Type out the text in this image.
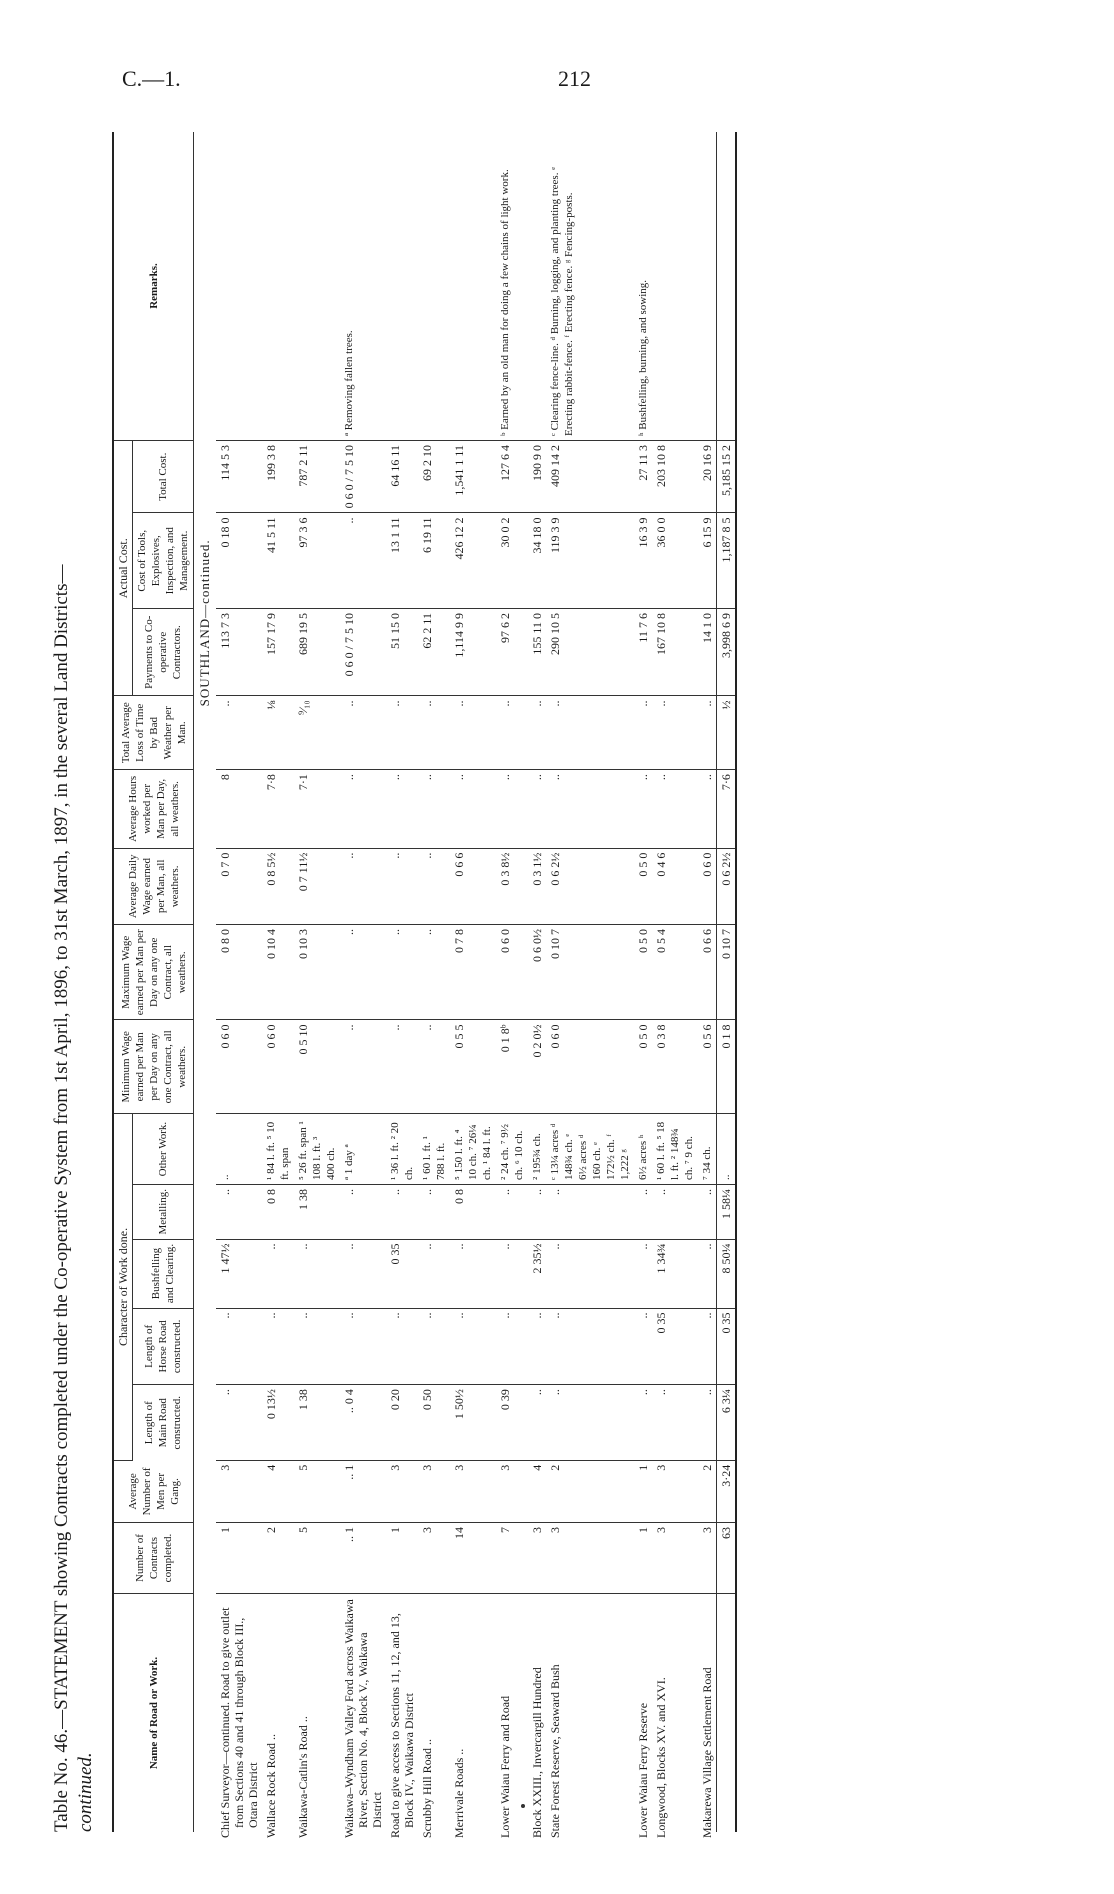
C.—1.	212
Table No. 46.—STATEMENT showing Contracts completed under the Co-operative System from 1st April, 1896, to 31st March, 1897, in the several Land Districts— continued.
Name of Road or Work.	Number of Contracts completed.	Average Number of Men per Gang.	Character of Work done.					Minimum Wage earned per Man per Day on any one Contract, all weathers.	Maximum Wage earned per Man per Day on any one Contract, all weathers.	Average Daily Wage earned per Man, all weathers.	Average Hours worked per Man per Day, all weathers.	Total Average Loss of Time by Bad Weather per Man.	Actual Cost.			Remarks.
			Length of Main Road constructed.	Length of Horse Road constructed.	Bushfelling and Clearing.	Metalling.	Other Work.						Payments to Co-operative Contractors.	Cost of Tools, Explosives, Inspection, and Management.	Total Cost.	
								SOUTHLAND—continued.								
Chief Surveyor—continued. Road to give outlet from Sections 40 and 41 through Block III., Otara District	1	3	..	..	1 47½	..	..	0 6 0	0 8 0	0 7 0	8	..	113 7 3	0 18 0	114 5 3	
Wallace Rock Road ..	2	4	0 13½	..	..	0 8	¹ 84 l. ft. ⁵ 10 ft. span	0 6 0	0 10 4	0 8 5½	7·8	⅛	157 17 9	41 5 11	199 3 8	
Waikawa-Catlin's Road ..	5	5	1 38	..	..	1 38	⁵ 26 ft. span ¹ 108 l. ft. ³ 400 ch.	0 5 10	0 10 3	0 7 11½	7·1	⁹⁄₁₀	689 19 5	97 3 6	787 2 11	
Waikawa–Wyndham Valley Ford across Waikawa River, Section No. 4, Block V., Waikawa District	.. 1	.. 1	.. 0 4	..	..	..	ª 1 day ª	..	..	..	..	..	0 6 0 / 7 5 10	..	0 6 0 / 7 5 10	ª Removing fallen trees.
Road to give access to Sections 11, 12, and 13, Block IV., Waikawa District	1	3	0 20	..	0 35	..	¹ 36 l. ft. ² 20 ch.	..	..	..	..	..	51 15 0	13 1 11	64 16 11	
Scrubby Hill Road ..	3	3	0 50	..	..	..	¹ 60 l. ft. ¹ 788 l. ft.	..	..	..	..	..	62 2 11	6 19 11	69 2 10	
Merrivale Roads ..	14	3	1 50½	..	..	0 8	⁵ 150 l. ft. ⁴ 10 ch. ⁷ 26¼ ch. ¹ 84 l. ft.	0 5 5	0 7 8	0 6 6	..	..	1,114 9 9	426 12 2	1,541 1 11	
Lower Waiau Ferry and Road	7	3	0 39	..	..	..	² 24 ch. ⁷ 9½ ch. ⁶ 10 ch.	0 1 8ᵇ	0 6 0	0 3 8½	..	..	97 6 2	30 0 2	127 6 4	ᵇ Earned by an old man for doing a few chains of light work.
Block XXIII., Invercargill Hundred	3	4	..	..	2 35½	..	² 195¾ ch.	0 2 0½	0 6 0½	0 3 1½	..	..	155 11 0	34 18 0	190 9 0	
State Forest Reserve, Seaward Bush	3	2	..	..	..	..	ᶜ 13¼ acres ᵈ 148¾ ch. ᵉ 6½ acres ᵈ 160 ch. ᵉ 172½ ch. ᶠ 1,222 ᵍ	0 6 0	0 10 7	0 6 2½	..	..	290 10 5	119 3 9	409 14 2	ᶜ Clearing fence-line. ᵈ Burning, logging, and planting trees. ᵉ Erecting rabbit-fence. ᶠ Erecting fence. ᵍ Fencing-posts.
Lower Waiau Ferry Reserve	1	1	..	..	..	..	6½ acres ʰ	0 5 0	0 5 0	0 5 0	..	..	11 7 6	16 3 9	27 11 3	ʰ Bushfelling, burning, and sowing.
Longwood, Blocks XV. and XVI.	3	3	..	0 35	1 34¾	..	¹ 60 l. ft. ⁵ 18 l. ft. ² 148¾ ch. ⁷ 9 ch.	0 3 8	0 5 4	0 4 6	..	..	167 10 8	36 0 0	203 10 8	
Makarewa Village Settlement Road	3	2	..	..	..	..	⁷ 34 ch.	0 5 6	0 6 6	0 6 0	..	..	14 1 0	6 15 9	20 16 9	
	63	3·24	6 3¼	0 35	8 50¼	1 58¼	..	0 1 8	0 10 7	0 6 2½	7·6	½	3,998 6 9	1,187 8 5	5,185 15 2	
